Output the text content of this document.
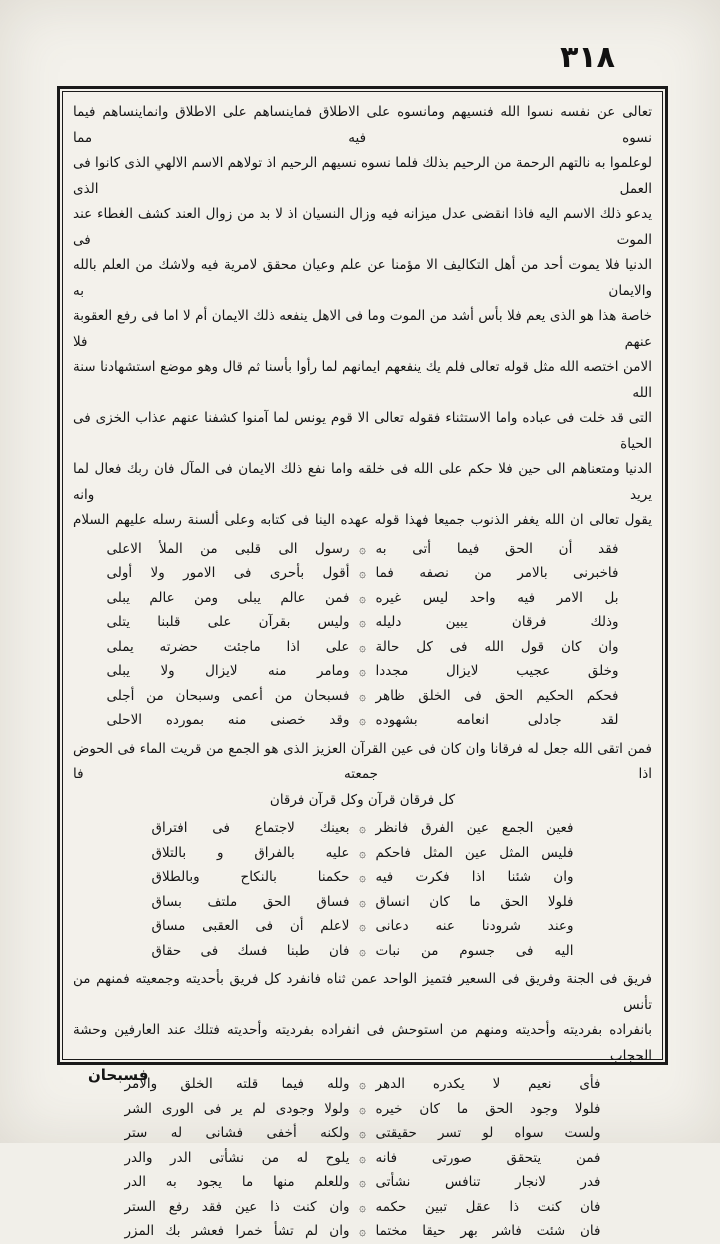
٣١٨
تعالى عن نفسه نسوا الله فنسيهم ومانسوه على الاطلاق فماينساهم على الاطلاق وانماينساهم فيما نسوه فيه مما
لوعلموا به نالتهم الرحمة من الرحيم بذلك فلما نسوه نسيهم الرحيم اذ تولاهم الاسم الالهي الذى كانوا فى العمل الذى
يدعو ذلك الاسم اليه فاذا انقضى عدل ميزانه فيه وزال النسيان اذ لا بد من زوال العند كشف الغطاء عند الموت فى
الدنيا فلا يموت أحد من أهل التكاليف الا مؤمنا عن علم وعيان محقق لامرية فيه ولاشك من العلم بالله والايمان به
خاصة هذا هو الذى يعم فلا بأس أشد من الموت وما فى الاهل ينفعه ذلك الايمان أم لا اما فى رفع العقوبة عنهم فلا
الامن اختصه الله مثل قوله تعالى فلم يك ينفعهم ايمانهم لما رأوا بأسنا ثم قال وهو موضع استشهادنا سنة الله
التى قد خلت فى عباده واما الاستثناء فقوله تعالى الا قوم يونس لما آمنوا كشفنا عنهم عذاب الخزى فى الحياة
الدنيا ومتعناهم الى حين فلا حكم على الله فى خلقه واما نفع ذلك الايمان فى المآل فان ربك فعال لما يريد وانه
يقول تعالى ان الله يغفر الذنوب جميعا فهذا قوله عهده الينا فى كتابه وعلى ألسنة رسله عليهم السلام
فقد أن الحق فيما أتى به
۞
رسول الى قلبى من الملأ الاعلى
فاخبرنى بالامر من نصفه فما
۞
أقول بأحرى فى الامور ولا أولى
بل الامر فيه واحد ليس غيره
۞
فمن عالم يبلى ومن عالم يبلى
وذلك فرقان يبين دليله
۞
وليس بقرآن على قلبنا يتلى
وان كان قول الله فى كل حالة
۞
على اذا ماجئت حضرته يملى
وخلق عجيب لايزال مجددا
۞
ومامر منه لايزال ولا يبلى
فحكم الحكيم الحق فى الخلق ظاهر
۞
فسبحان من أعمى وسبحان من أجلى
لقد جادلى انعامه بشهوده
۞
وقد خصنى منه بمورده الاحلى
فمن اتقى الله جعل له فرقانا وان كان فى عين القرآن العزيز الذى هو الجمع من قريت الماء فى الحوض اذا جمعته فا
كل فرقان قرآن وكل قرآن فرقان
فعين الجمع عين الفرق فانظر
۞
بعينك لاجتماع فى افتراق
فليس المثل عين المثل فاحكم
۞
عليه بالفراق و بالتلاق
وان شئنا اذا فكرت فيه
۞
حكمنا بالنكاح وبالطلاق
فلولا الحق ما كان انساق
۞
فساق الحق ملتف بساق
وعند شرودنا عنه دعانى
۞
لاعلم أن فى العقبى مساق
اليه فى جسوم من نبات
۞
فان طبنا فسك فى حقاق
فريق فى الجنة وفريق فى السعير فتميز الواحد عمن ثناه فانفرد كل فريق بأحديته وجمعيته فمنهم من تأنس
بانفراده بفرديته وأحديته ومنهم من استوحش فى انفراده بفرديته وأحديته فتلك عند العارفين وحشة الحجاب
فأى نعيم لا يكدره الدهر
۞
ولله فيما قلته الخلق والامر
فلولا وجود الحق ما كان خيره
۞
ولولا وجودى لم ير فى الورى الشر
ولست سواه لو تسر حقيقتى
۞
ولكنه أخفى فشانى له ستر
فمن يتحقق صورتى فانه
۞
يلوح له من نشأتى الدر والدر
فدر لانجار تنافس نشأتى
۞
وللعلم منها ما يجود به الدر
فان كنت ذا عقل تبين حكمه
۞
وان كنت ذا عين فقد رفع الستر
فان شئت فاشر بهر حيقا مختما
۞
وان لم تشأ خمرا فعشر بك المزر
فسبحان
